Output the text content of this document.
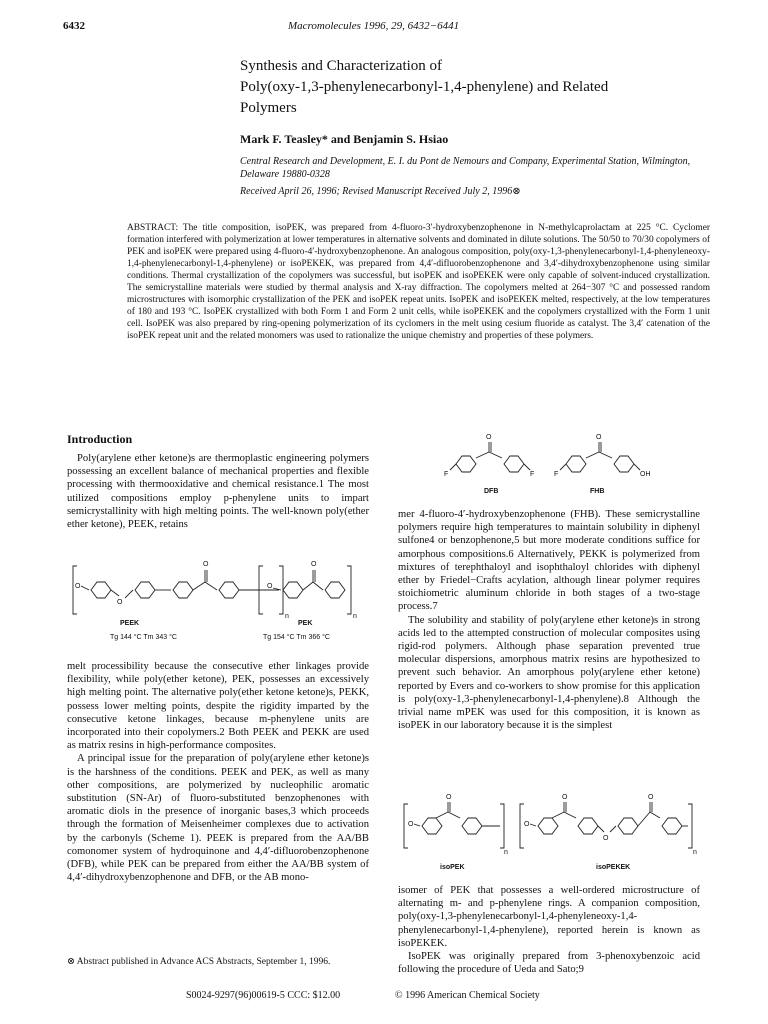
6432	Macromolecules 1996, 29, 6432−6441
Synthesis and Characterization of
Poly(oxy-1,3-phenylenecarbonyl-1,4-phenylene) and Related
Polymers
Mark F. Teasley* and Benjamin S. Hsiao
Central Research and Development, E. I. du Pont de Nemours and Company, Experimental Station, Wilmington, Delaware 19880-0328
Received April 26, 1996; Revised Manuscript Received July 2, 1996⊗
ABSTRACT: The title composition, isoPEK, was prepared from 4-fluoro-3′-hydroxybenzophenone in N-methylcaprolactam at 225 °C. Cyclomer formation interfered with polymerization at lower temperatures in alternative solvents and dominated in dilute solutions. The 50/50 to 70/30 copolymers of PEK and isoPEK were prepared using 4-fluoro-4′-hydroxybenzophenone. An analogous composition, poly(oxy-1,3-phenylenecarbonyl-1,4-phenyleneoxy-1,4-phenylenecarbonyl-1,4-phenylene) or isoPEKEK, was prepared from 4,4′-difluorobenzophenone and 3,4′-dihydroxybenzophenone using similar conditions. Thermal crystallization of the copolymers was successful, but isoPEK and isoPEKEK were only capable of solvent-induced crystallization. The semicrystalline materials were studied by thermal analysis and X-ray diffraction. The copolymers melted at 264−307 °C and possessed random microstructures with isomorphic crystallization of the PEK and isoPEK repeat units. IsoPEK and isoPEKEK melted, respectively, at the low temperatures of 180 and 193 °C. IsoPEK crystallized with both Form 1 and Form 2 unit cells, while isoPEKEK and the copolymers crystallized with the Form 1 unit cell. IsoPEK was also prepared by ring-opening polymerization of its cyclomers in the melt using cesium fluoride as catalyst. The 3,4′ catenation of the isoPEK repeat unit and the related monomers was used to rationalize the unique chemistry and properties of these polymers.
Introduction

Poly(arylene ether ketone)s are thermoplastic engineering polymers possessing an excellent balance of mechanical properties and flexible processing with thermooxidative and chemical resistance.1 The most utilized compositions employ p-phenylene units to impart semicrystallinity with high melting points. The well-known poly(ether ether ketone), PEEK, retains

O
O
O
n
O
O
n
PEEK
Tg 144 °C Tm 343 °C
PEK
Tg 154 °C Tm 366 °C

melt processibility because the consecutive ether linkages provide flexibility, while poly(ether ketone), PEK, possesses an excessively high melting point. The alternative poly(ether ketone ketone)s, PEKK, possess lower melting points, despite the rigidity imparted by the consecutive ketone linkages, because m-phenylene units are incorporated into their copolymers.2 Both PEEK and PEKK are used as matrix resins in high-performance composites.

A principal issue for the preparation of poly(arylene ether ketone)s is the harshness of the conditions. PEEK and PEK, as well as many other compositions, are polymerized by nucleophilic aromatic substitution (SN-Ar) of fluoro-substituted benzophenones with aromatic diols in the presence of inorganic bases,3 which proceeds through the formation of Meisenheimer complexes due to activation by the carbonyls (Scheme 1). PEEK is prepared from the AA/BB comonomer system of hydroquinone and 4,4′-difluorobenzophenone (DFB), while PEK can be prepared from either the AA/BB system of 4,4′-dihydroxybenzophenone and DFB, or the AB mono-

⊗ Abstract published in Advance ACS Abstracts, September 1, 1996.
O
F	F
O
F	OH
DFB	FHB

mer 4-fluoro-4′-hydroxybenzophenone (FHB). These semicrystalline polymers require high temperatures to maintain solubility in diphenyl sulfone4 or benzophenone,5 but more moderate conditions suffice for amorphous compositions.6 Alternatively, PEKK is polymerized from mixtures of terephthaloyl and isophthaloyl chlorides with diphenyl ether by Friedel−Crafts acylation, although linear polymer requires stoichiometric aluminum chloride in both stages of a two-stage process.7

The solubility and stability of poly(arylene ether ketone)s in strong acids led to the attempted construction of molecular composites using rigid-rod polymers. Although phase separation prevented true molecular dispersions, amorphous matrix resins are hypothesized to prevent such behavior. An amorphous poly(arylene ether ketone) reported by Evers and co-workers to show promise for this application is poly(oxy-1,3-phenylenecarbonyl-1,4-phenylene).8 Although the trivial name mPEK was used for this composition, it is known as isoPEK in our laboratory because it is the simplest

O
O
n
O
O
O
O
n
isoPEK	isoPEKEK

isomer of PEK that possesses a well-ordered microstructure of alternating m- and p-phenylene rings. A companion composition, poly(oxy-1,3-phenylenecarbonyl-1,4-phenyleneoxy-1,4-phenylenecarbonyl-1,4-phenylene), reported herein is known as isoPEKEK.

IsoPEK was originally prepared from 3-phenoxybenzoic acid following the procedure of Ueda and Sato;9

S0024-9297(96)00619-5 CCC: $12.00	© 1996 American Chemical Society
